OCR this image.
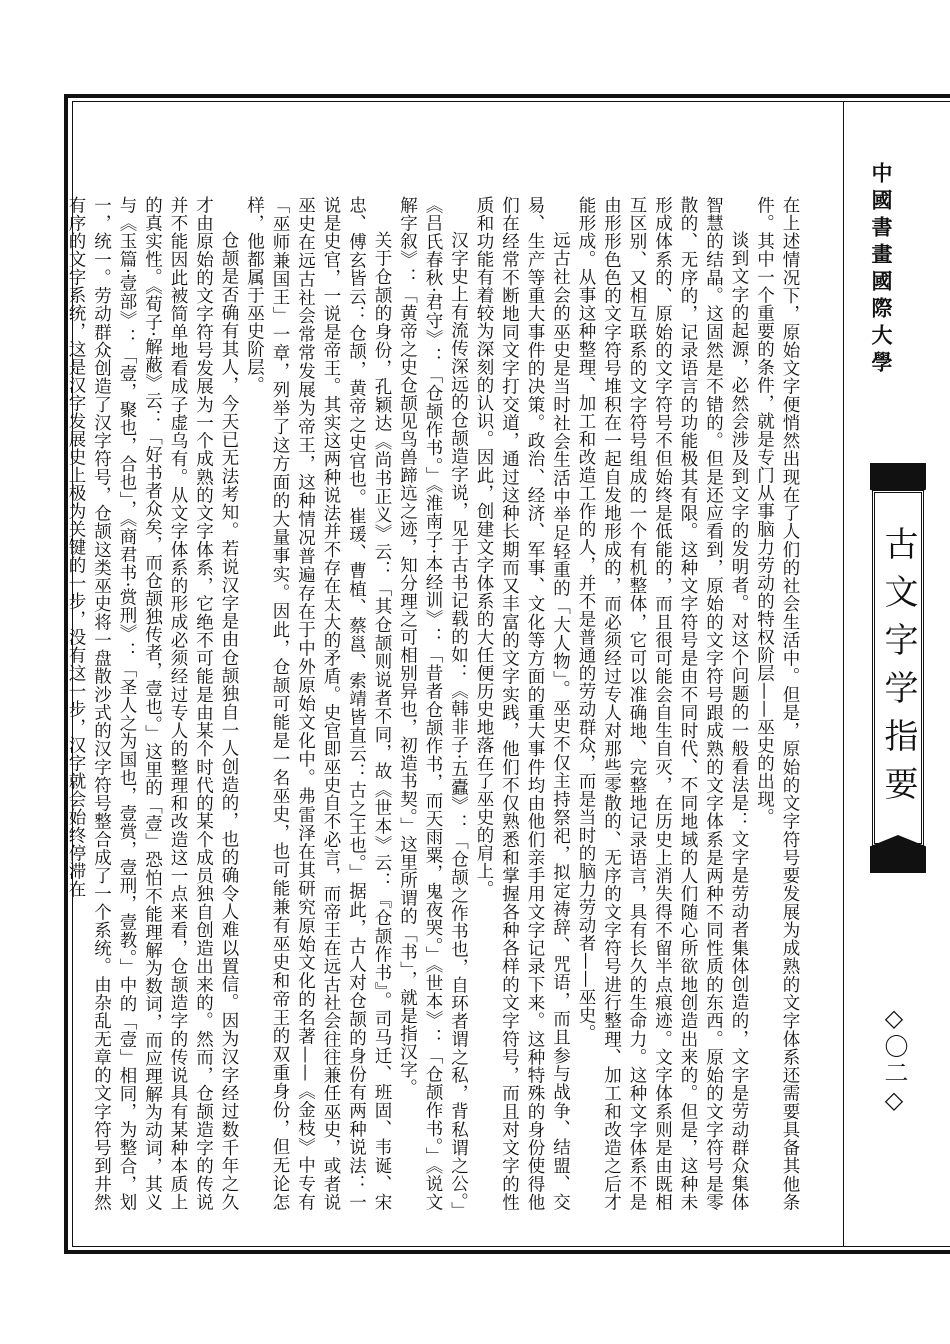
在上述情况下，原始文字便悄然出现在了人们的社会生活中。但是，原始的文字符号要发展为成熟的文字体系还需要具备其他条件。其中一个重要的条件，就是专门从事脑力劳动的特权阶层——巫史的出现。

谈到文字的起源，必然会涉及到文字的发明者。对这个问题的一般看法是：文字是劳动者集体创造的，文字是劳动群众集体智慧的结晶。这固然是不错的。但是还应看到，原始的文字符号跟成熟的文字体系是两种不同性质的东西。原始的文字符号是零散的、无序的，记录语言的功能极其有限。这种文字符号是由不同时代、不同地域的人们随心所欲地创造出来的。但是，这种未形成体系的、原始的文字符号不但始终是低能的，而且很可能会自生自灭，在历史上消失得不留半点痕迹。文字体系则是由既相互区别、又相互联系的文字符号组成的一个有机整体，它可以准确地、完整地记录语言，具有长久的生命力。这种文字体系不是由形形色色的文字符号堆积在一起自发地形成的，而必须经过专人对那些零散的、无序的文字符号进行整理、加工和改造之后才能形成。从事这种整理、加工和改造工作的人，并不是普通的劳动群众，而是当时的脑力劳动者——巫史。

远古社会的巫史是当时社会生活中举足轻重的「大人物」。巫史不仅主持祭祀，拟定祷辞、咒语，而且参与战争、结盟、交易、生产等重大事件的决策。政治、经济、军事、文化等方面的重大事件均由他们亲手用文字记录下来。这种特殊的身份使得他们在经常不断地同文字打交道，通过这种长期而又丰富的文字实践，他们不仅熟悉和掌握各种各样的文字符号，而且对文字的性质和功能有着较为深刻的认识。因此，创建文字体系的大任便历史地落在了巫史的肩上。

汉字史上有流传深远的仓颉造字说，见于古书记载的如：《韩非子·五蠹》：「仓颉之作书也，自环者谓之私，背私谓之公。」《吕氏春秋·君守》：「仓颉作书。」《淮南子·本经训》：「昔者仓颉作书，而天雨粟，鬼夜哭。」《世本》：「仓颉作书。」《说文解字叙》：「黄帝之史仓颉见鸟兽蹄迒之迹，知分理之可相别异也，初造书契。」这里所谓的「书」，就是指汉字。

关于仓颉的身份，孔颖达《尚书正义》云：「其仓颉则说者不同，故《世本》云：『仓颉作书』。司马迁、班固、韦诞、宋忠、傅玄皆云：仓颉，黄帝之史官也。崔瑗、曹植、蔡邕、索靖皆直云：古之王也。」据此，古人对仓颉的身份有两种说法：一说是史官，一说是帝王。其实这两种说法并不存在太大的矛盾。史官即巫史自不必言，而帝王在远古社会往往兼任巫史，或者说巫史在远古社会常常发展为帝王，这种情况普遍存在于中外原始文化中。弗雷泽在其研究原始文化的名著——《金枝》中专有「巫师兼国王」一章，列举了这方面的大量事实。因此，仓颉可能是一名巫史，也可能兼有巫史和帝王的双重身份，但无论怎样，他都属于巫史阶层。

仓颉是否确有其人，今天已无法考知。若说汉字是由仓颉独自一人创造的，也的确令人难以置信。因为汉字经过数千年之久才由原始的文字符号发展为一个成熟的文字体系，它绝不可能是由某个时代的某个成员独自创造出来的。然而，仓颉造字的传说并不能因此被简单地看成子虚乌有。从文字体系的形成必须经过专人的整理和改造这一点来看，仓颉造字的传说具有某种本质上的真实性。《荀子·解蔽》云：「好书者众矣，而仓颉独传者，壹也。」这里的「壹」恐怕不能理解为数词，而应理解为动词，其义与《玉篇·壹部》：「壹，聚也，合也」，《商君书·赏刑》：「圣人之为国也，壹赏，壹刑，壹教。」中的「壹」相同，为整合，划一，统一。劳动群众创造了汉字符号，仓颉这类巫史将一盘散沙式的汉字符号整合成了一个系统。由杂乱无章的文字符号到井然有序的文字系统，这是汉字发展史上极为关键的一步，没有这一步，汉字就会始终停滞在	中國書畫國際大學
古文字学指要
◇〇二◇
